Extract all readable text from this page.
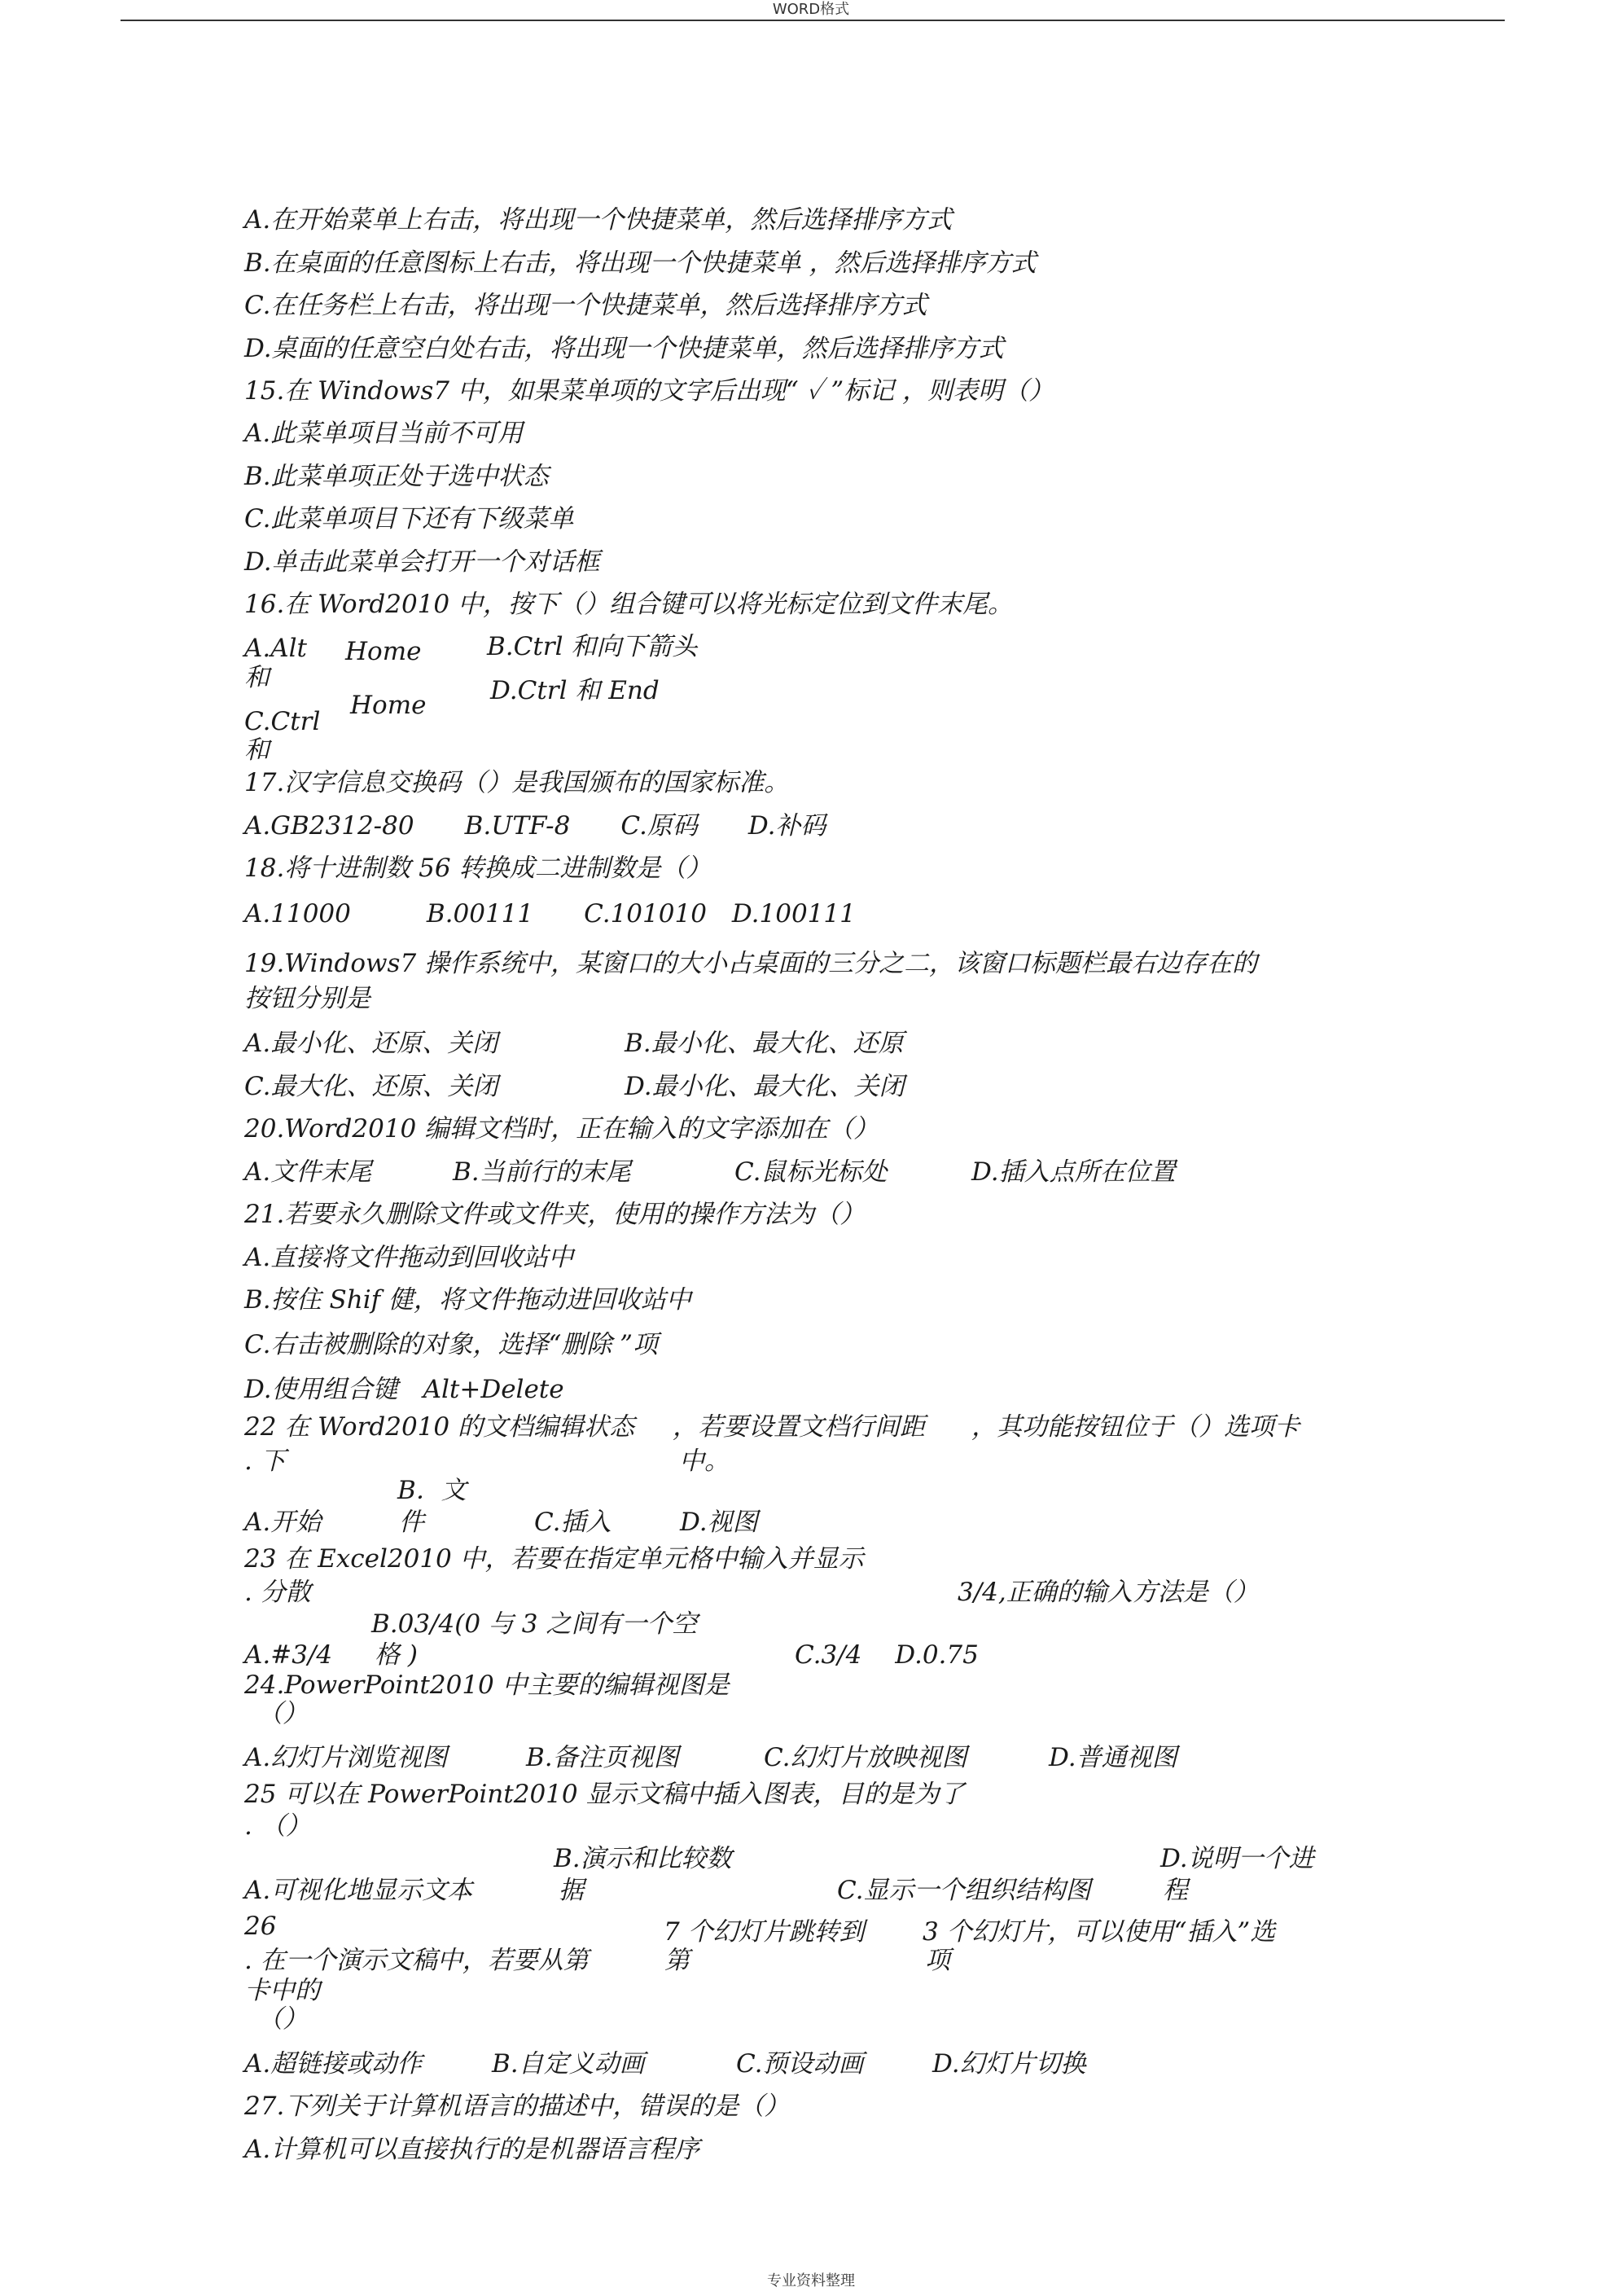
WORD格式
A.在开始菜单上右击，将出现一个快捷菜单，然后选择排序方式
B.在桌面的任意图标上右击，将出现一个快捷菜单 ，然后选择排序方式
C.在任务栏上右击，将出现一个快捷菜单，然后选择排序方式
D.桌面的任意空白处右击，将出现一个快捷菜单，然后选择排序方式
15.在 Windows7 中，如果菜单项的文字后出现“ ✓ ”标记 ，则表明（）
A.此菜单项目当前不可用
B.此菜单项正处于选中状态
C.此菜单项目下还有下级菜单
D.单击此菜单会打开一个对话框
16.在 Word2010 中，按下（）组合键可以将光标定位到文件末尾。
A.Alt Home	B.Ctrl 和向下箭头
和	D.Ctrl 和 End
Home
C.Ctrl
和
17.汉字信息交换码（）是我国颁布的国家标准。
A.GB2312-80　　B.UTF-8　　C.原码　　D.补码
18.将十进制数 56 转换成二进制数是（）
A.11000　　　B.00111　　C.101010　D.100111
19.Windows7 操作系统中，某窗口的大小占桌面的三分之二，该窗口标题栏最右边存在的
按钮分别是
A.最小化、还原、关闭	B.最小化、最大化、还原
C.最大化、还原、关闭	D.最小化、最大化、关闭
20.Word2010 编辑文档时，正在输入的文字添加在（）
A.文件末尾	B.当前行的末尾	C.鼠标光标处	D.插入点所在位置
21.若要永久删除文件或文件夹，使用的操作方法为（）
A.直接将文件拖动到回收站中
B.按住 Shif 健，将文件拖动进回收站中
C.右击被删除的对象，选择“删除 ”项
D.使用组合键　Alt+Delete
22 在 Word2010 的文档编辑状态 ，若要设置文档行间距 ，其功能按钮位于（）选项卡
. 下	中。
B．文
A.开始	件	C.插入	D.视图
23 在 Excel2010 中，若要在指定单元格中输入并显示
. 分散	3/4,正确的输入方法是（）
B.03/4(0 与 3 之间有一个空
A.#3/4 格 )	C.3/4　 D.0.75
24.PowerPoint2010 中主要的编辑视图是
（）
A.幻灯片浏览视图	B.备注页视图	C.幻灯片放映视图	D.普通视图
25 可以在 PowerPoint2010 显示文稿中插入图表，目的是为了
. （）
B.演示和比较数	D.说明一个进
A.可视化地显示文本	据	C.显示一个组织结构图	程
26	7 个幻灯片跳转到 3 个幻灯片，可以使用“插入”选
. 在一个演示文稿中，若要从第	第	项
卡中的
（）
A.超链接或动作	B.自定义动画	C.预设动画	D.幻灯片切换
27.下列关于计算机语言的描述中，错误的是（）
A.计算机可以直接执行的是机器语言程序
专业资料整理
